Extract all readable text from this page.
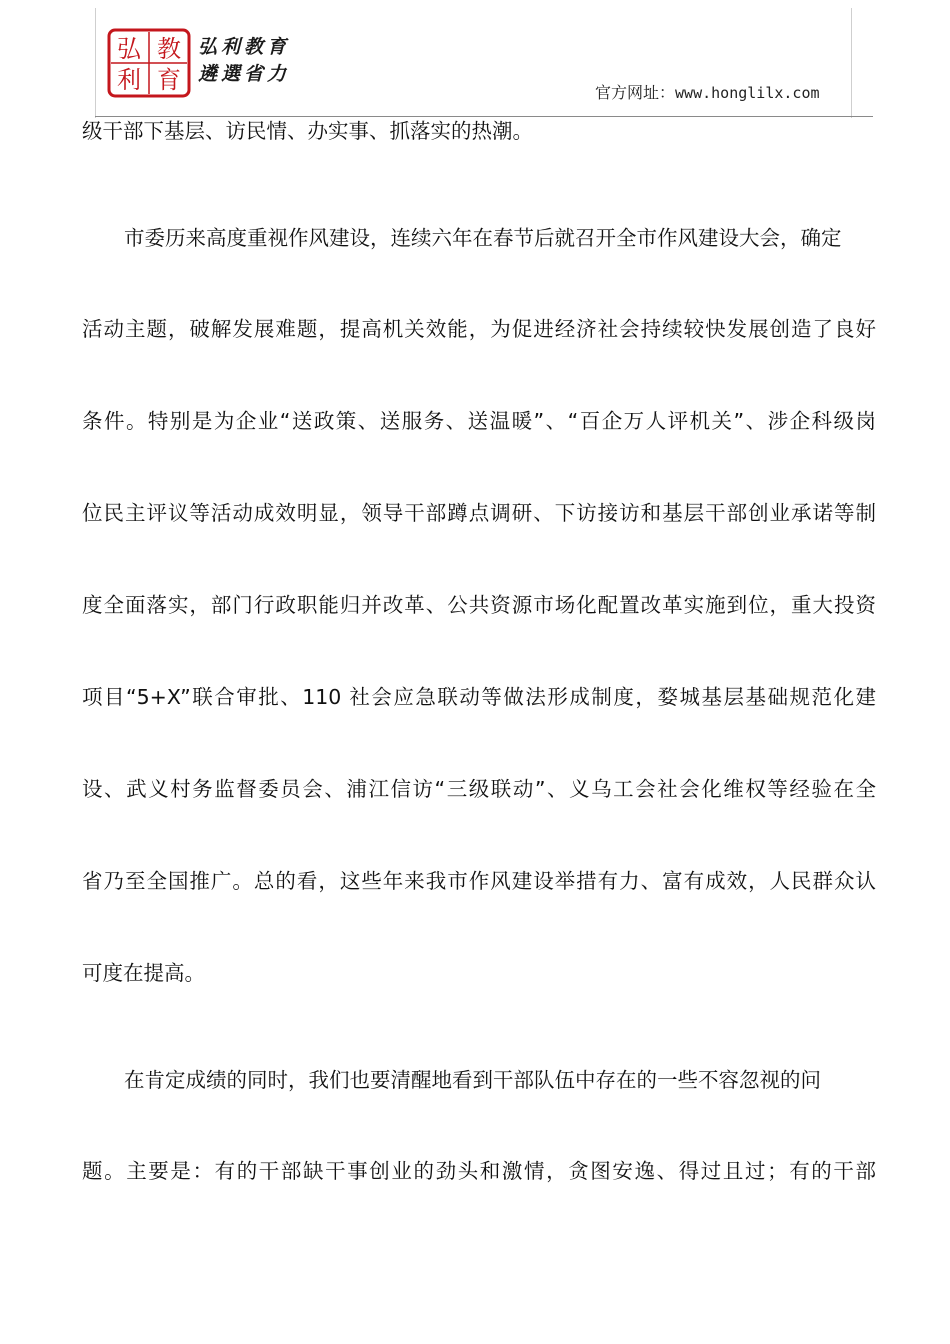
弘 教
利 育
弘利教育
遴選省力
官方网址：www.honglilx.com
级干部下基层、访民情、办实事、抓落实的热潮。
市委历来高度重视作风建设，连续六年在春节后就召开全市作风建设大会，确定
活动主题，破解发展难题，提高机关效能，为促进经济社会持续较快发展创造了良好
条件。特别是为企业“送政策、送服务、送温暖”、“百企万人评机关”、涉企科级岗
位民主评议等活动成效明显，领导干部蹲点调研、下访接访和基层干部创业承诺等制
度全面落实，部门行政职能归并改革、公共资源市场化配置改革实施到位，重大投资
项目“5+X”联合审批、110 社会应急联动等做法形成制度，婺城基层基础规范化建
设、武义村务监督委员会、浦江信访“三级联动”、义乌工会社会化维权等经验在全
省乃至全国推广。总的看，这些年来我市作风建设举措有力、富有成效，人民群众认
可度在提高。
在肯定成绩的同时，我们也要清醒地看到干部队伍中存在的一些不容忽视的问
题。主要是：有的干部缺干事创业的劲头和激情，贪图安逸、得过且过；有的干部
